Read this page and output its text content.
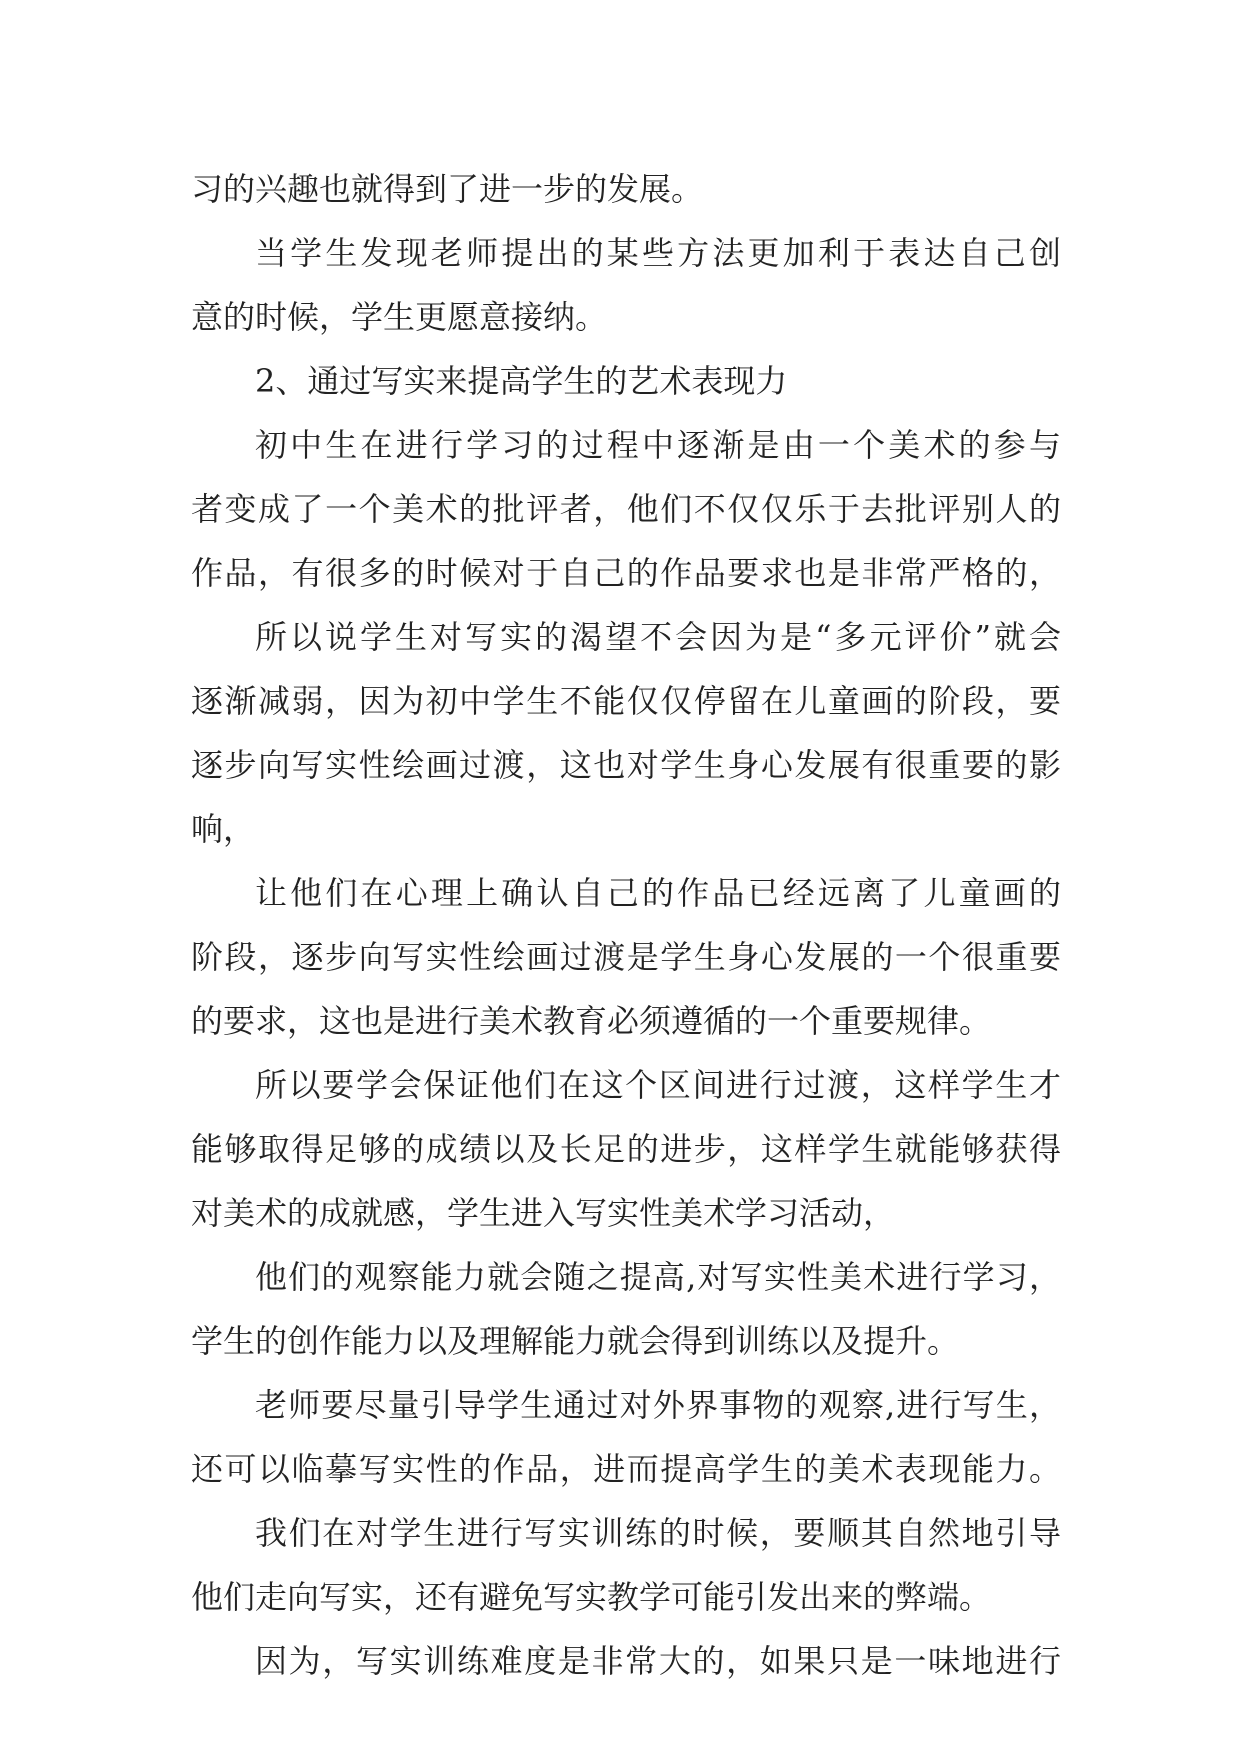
习的兴趣也就得到了进一步的发展。
当学生发现老师提出的某些方法更加利于表达自己创
意的时候，学生更愿意接纳。
2、通过写实来提高学生的艺术表现力
初中生在进行学习的过程中逐渐是由一个美术的参与
者变成了一个美术的批评者，他们不仅仅乐于去批评别人的
作品，有很多的时候对于自己的作品要求也是非常严格的，
所以说学生对写实的渴望不会因为是“多元评价”就会
逐渐减弱，因为初中学生不能仅仅停留在儿童画的阶段，要
逐步向写实性绘画过渡，这也对学生身心发展有很重要的影
响，
让他们在心理上确认自己的作品已经远离了儿童画的
阶段，逐步向写实性绘画过渡是学生身心发展的一个很重要
的要求，这也是进行美术教育必须遵循的一个重要规律。
所以要学会保证他们在这个区间进行过渡，这样学生才
能够取得足够的成绩以及长足的进步，这样学生就能够获得
对美术的成就感，学生进入写实性美术学习活动，
他们的观察能力就会随之提高,对写实性美术进行学习，
学生的创作能力以及理解能力就会得到训练以及提升。
老师要尽量引导学生通过对外界事物的观察,进行写生，
还可以临摹写实性的作品，进而提高学生的美术表现能力。
我们在对学生进行写实训练的时候，要顺其自然地引导
他们走向写实，还有避免写实教学可能引发出来的弊端。
因为，写实训练难度是非常大的，如果只是一味地进行
